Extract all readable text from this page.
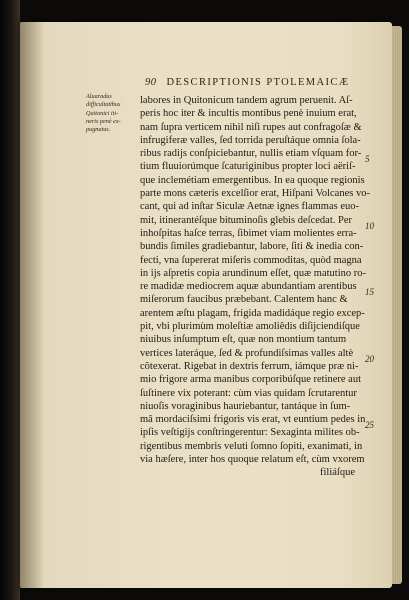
90 DESCRIPTIONIS PTOLEMAICÆ
Aluaradus
difficultatibus
Quitonici iti-
neris penè ex-
pugnatus.
labores in Quitonicum tandem agrum peruenit. Aſ-
peris hoc iter & incultis montibus penè inuium erat,
nam ſupra verticem nihil niſi rupes aut confragoſæ &
infrugiferæ valles, ſed torrida peruſtáque omnia ſola-
ribus radijs conſpiciebantur, nullis etiam vſquam for-
tium fluuiorúmque ſcaturiginibus propter loci aëriſ-
que inclemétiam emergentibus. In ea quoque regionis
parte mons cæteris excelſior erat, Hiſpani Volcanes vo-
cant, qui ad inſtar Siculæ Aetnæ ignes flammas euo-
mit, itinerantéſque bituminoſis glebis deſcedat. Per
inhoſpitas haſce terras, ſibimet viam molientes erra-
bundis ſimiles gradiebantur, labore, ſiti & inedia con-
fecti, vna ſupererat miſeris commoditas, quòd magna
in ijs aſpretis copia arundinum eſſet, quæ matutino ro-
re madidæ mediocrem aquæ abundantiam arentibus
miſerorum faucibus præbebant. Calentem hanc &
arentem æſtu plagam, frigida madidáque regio excep-
pit, vbi plurimùm moleſtiæ amoliêdis diſijciendiſque
niuibus inſumptum eſt, quæ non montium tantum
vertices lateráque, ſed & profundiſsimas valles altè
cõtexerat. Rigebat in dextris ferrum, iámque præ ni-
mio frigore arma manibus corporibúſque retinere aut
ſuſtinere vix poterant: cùm vias quidam ſcrutarentur
niuoſis voraginibus hauriebantur, tantáque in ſum-
mâ mordaciſsimi frigoris vis erat, vt euntium pedes in
ipſis veſtigijs conſtringerentur: Sexaginta milites ob-
rigentibus membris veluti ſomno ſopiti, exanimati, in
via hæſere, inter hos quoque relatum eſt, cùm vxorem
filiáſque
5
10
15
20
25
